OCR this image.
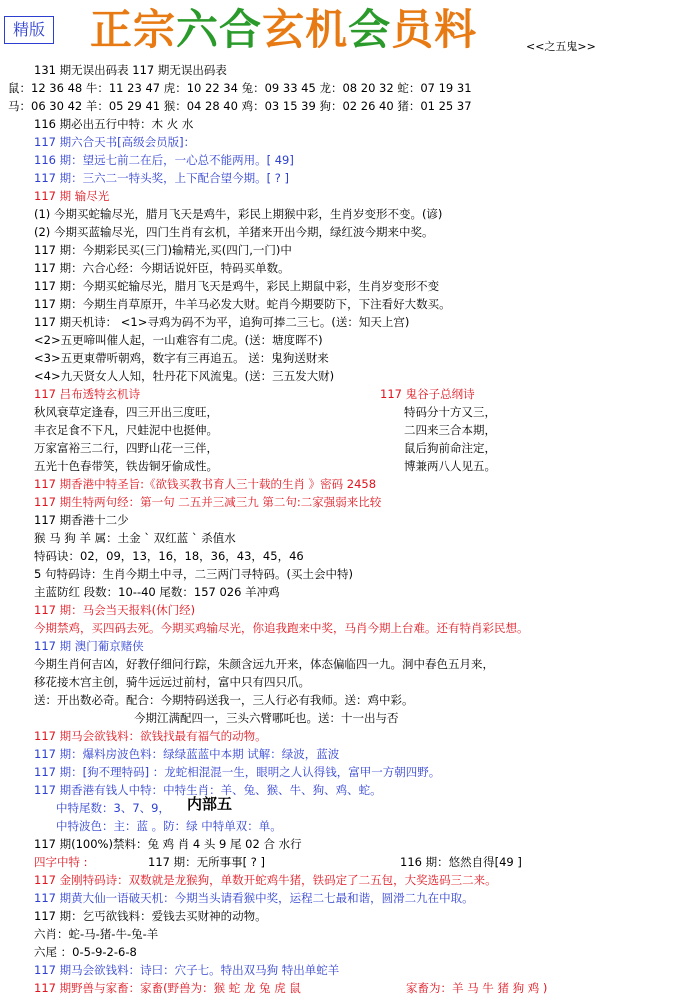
精版 正宗六合玄机会员料	<<之五鬼>>
131 期无误出码表 117 期无误出码表
鼠：12 36 48 牛：11 23 47 虎：10 22 34 兔：09 33 45 龙：08 20 32 蛇：07 19 31
马：06 30 42 羊：05 29 41 猴：04 28 40 鸡：03 15 39 狗：02 26 40 猪：01 25 37
116 期必出五行中特：木 火 水
117 期六合天书[高级会员版]：
116 期：望远七前二在后，一心总不能两用。[ 49]
117 期：三六二一特头奖，上下配合望今期。[ ? ]
117 期 输尽光
(1) 今期买蛇输尽光，腊月飞天是鸡牛，彩民上期猴中彩，生肖岁变形不变。(谚)
(2) 今期买蓝输尽光，四门生肖有玄机，羊猪来开出今期，绿红波今期来中奖。
117 期：今期彩民买(三门)输精光,买(四门,一门)中
117 期：六合心经：今期话说奸臣，特码买单数。
117 期：今期买蛇输尽光，腊月飞天是鸡牛，彩民上期鼠中彩，生肖岁变形不变
117 期：今期生肖草原开，牛羊马必发大财。蛇肖今期要防下，下注看好大数买。
117 期天机诗： <1>寻鸡为码不为平，追狗可捧二三七。(送：知天上宫)
<2>五更啼叫催人起，一山难容有二虎。(送：塘度晖不)
<3>五更東帶听朝鸡，数字有三再追五。 送：鬼狗送财来
<4>九天贤女人人知，牡丹花下风流鬼。(送：三五发大财)
117 吕布透特玄机诗	117 鬼谷子总纲诗
秋风衰草定逢春，四三开出三度旺，	特码分十方又三，
丰衣足食不下凡，尺蛙泥中也挺伸。	二四来三合本期，
万家富裕三二行，四野山花一三伴，	鼠后狗前命注定，
五光十色春带笑，铁齿铜牙偷成性。	博兼两八人见五。
117 期香港中特圣旨:《欲钱买教书育人三十载的生肖 》密码 2458
117 期生特两句经：第一句 二五并三减三九 第二句:二家强弱来比较
117 期香港十二少
猴 马 狗 羊 属：土金 ` 双红蓝 ` 杀值水
特码诀：02，09，13，16，18，36，43，45，46
5 句特码诗：生肖今期土中寻，二三两门寻特码。(买土会中特)
主蓝防红 段数：10--40 尾数：157 026 羊冲鸡
117 期：马会当天报料(休门经)
今期禁鸡，买四码去死。今期买鸡输尽光，你追我跑来中奖，马肖今期上台难。还有特肖彩民想。
117 期 澳门葡京赌侠
今期生肖何吉凶，好教仔细问行踪，朱颜含远九开来，体态偏临四一九。洞中春色五月来，
移花接木宫主创，骑牛远远过前村，富中只有四只爪。
送：开出数必奇。配合：今期特码送我一，三人行必有我师。送：鸡中彩。
今期江满配四一，三头六臂哪吒也。送：十一出与否
117 期马会欲钱料：欲钱找最有福气的动物。
117 期：爆料房波色料：绿绿蓝蓝中本期 试解：绿波，蓝波
117 期：[狗不理特码] ：龙蛇相混混一生，眼明之人认得钱，富甲一方朝四野。
117 期香港有钱人中特：中特生肖：羊、兔、猴、牛、狗、鸡、蛇。
中特尾数：3、7、9， 内部五
中特波色：主：蓝 。防：绿 中特单双：单。
117 期(100%)禁料：兔 鸡 肖 4 头 9 尾 02 合 水行
四字中特 :	117 期：无所事事[ ? ]	116 期：悠然自得[49 ]
117 金刚特码诗：双数就是龙猴狗，单数开蛇鸡牛猪，铁码定了二五包，大奖选码三二来。
117 期黄大仙一语破天机：今期当头请看猴中奖，运程二七最和谐，圆滑二九在中取。
117 期：乞丐欲钱料：爱钱去买财神的动物。
六肖：蛇-马-猪-牛-兔-羊
六尾 ：0-5-9-2-6-8
117 期马会欲钱料：诗曰：穴子七。特出双马狗 特出单蛇羊
117 期野兽与家畜：家畜(野兽为：猴 蛇 龙 兔 虎 鼠	家畜为：羊 马 牛 猪 狗 鸡 )
